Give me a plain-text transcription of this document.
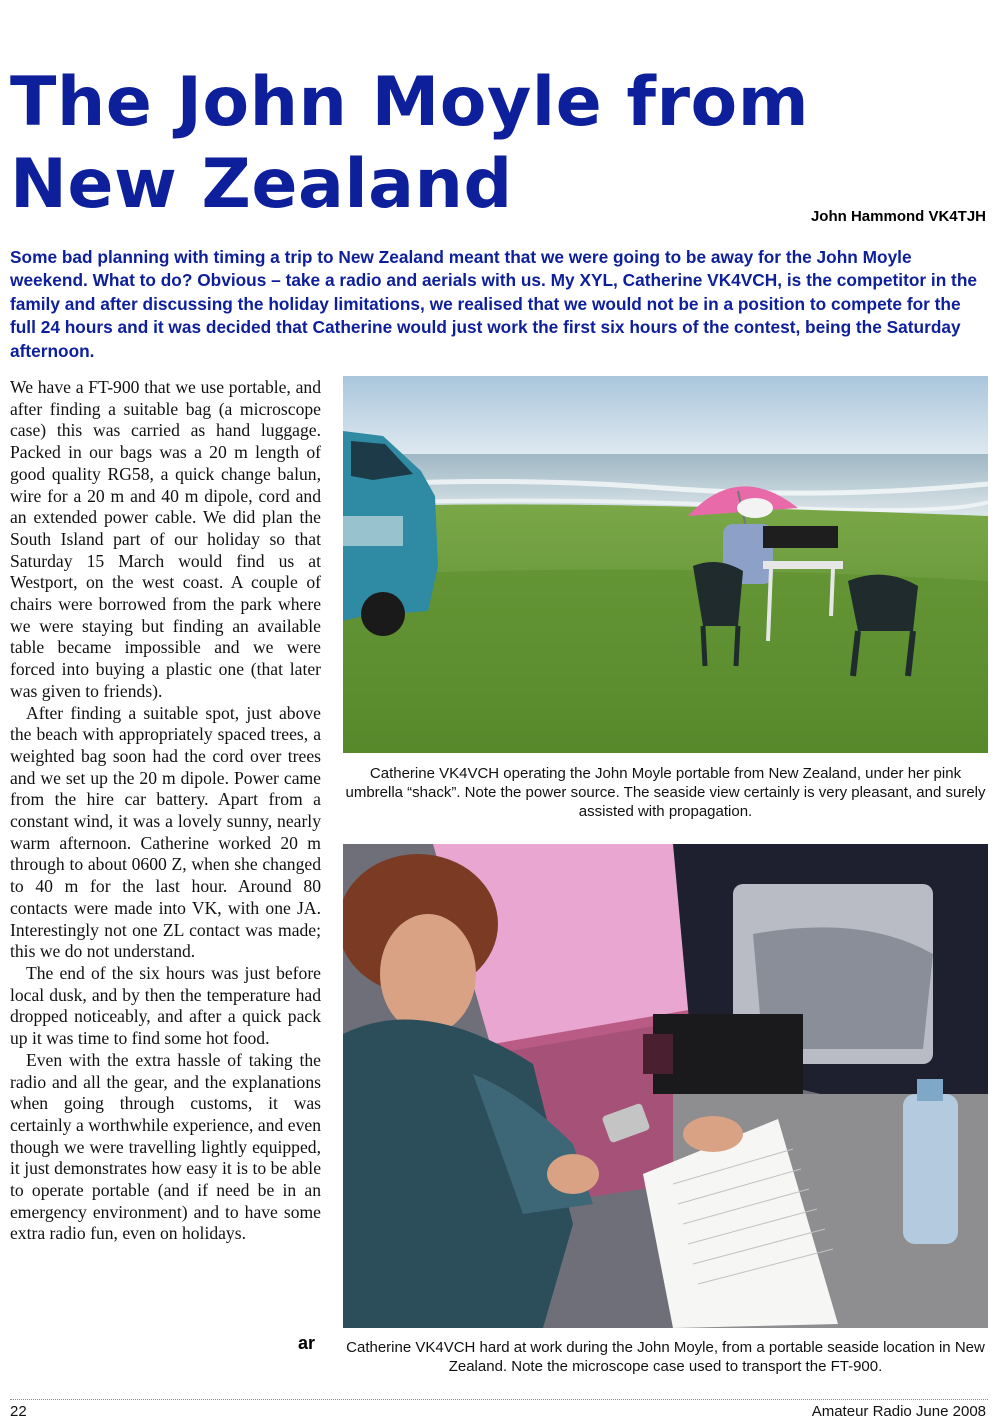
The John Moyle from
New Zealand	John Hammond VK4TJH

Some bad planning with timing a trip to New Zealand meant that we were going to be away for the John Moyle weekend. What to do? Obvious – take a radio and aerials with us. My XYL, Catherine VK4VCH, is the competitor in the family and after discussing the holiday limitations, we realised that we would not be in a position to compete for the full 24 hours and it was decided that Catherine would just work the first six hours of the contest, being the Saturday afternoon.

We have a FT-900 that we use portable, and after finding a suitable bag (a microscope case) this was carried as hand luggage. Packed in our bags was a 20 m length of good quality RG58, a quick change balun, wire for a 20 m and 40 m dipole, cord and an extended power cable. We did plan the South Island part of our holiday so that Saturday 15 March would find us at Westport, on the west coast. A couple of chairs were borrowed from the park where we were staying but finding an available table became impossible and we were forced into buying a plastic one (that later was given to friends).

After finding a suitable spot, just above the beach with appropriately spaced trees, a weighted bag soon had the cord over trees and we set up the 20 m dipole. Power came from the hire car battery. Apart from a constant wind, it was a lovely sunny, nearly warm afternoon. Catherine worked 20 m through to about 0600 Z, when she changed to 40 m for the last hour. Around 80 contacts were made into VK, with one JA. Interestingly not one ZL contact was made; this we do not understand.

The end of the six hours was just before local dusk, and by then the temperature had dropped noticeably, and after a quick pack up it was time to find some hot food.

Even with the extra hassle of taking the radio and all the gear, and the explanations when going through customs, it was certainly a worthwhile experience, and even though we were travelling lightly equipped, it just demonstrates how easy it is to be able to operate portable (and if need be in an emergency environment) and to have some extra radio fun, even on holidays.

ar

Catherine VK4VCH operating the John Moyle portable from New Zealand, under her pink umbrella “shack”. Note the power source. The seaside view certainly is very pleasant, and surely assisted with propagation.

Catherine VK4VCH hard at work during the John Moyle, from a portable seaside location in New Zealand. Note the microscope case used to transport the FT-900.

22	Amateur Radio June 2008
